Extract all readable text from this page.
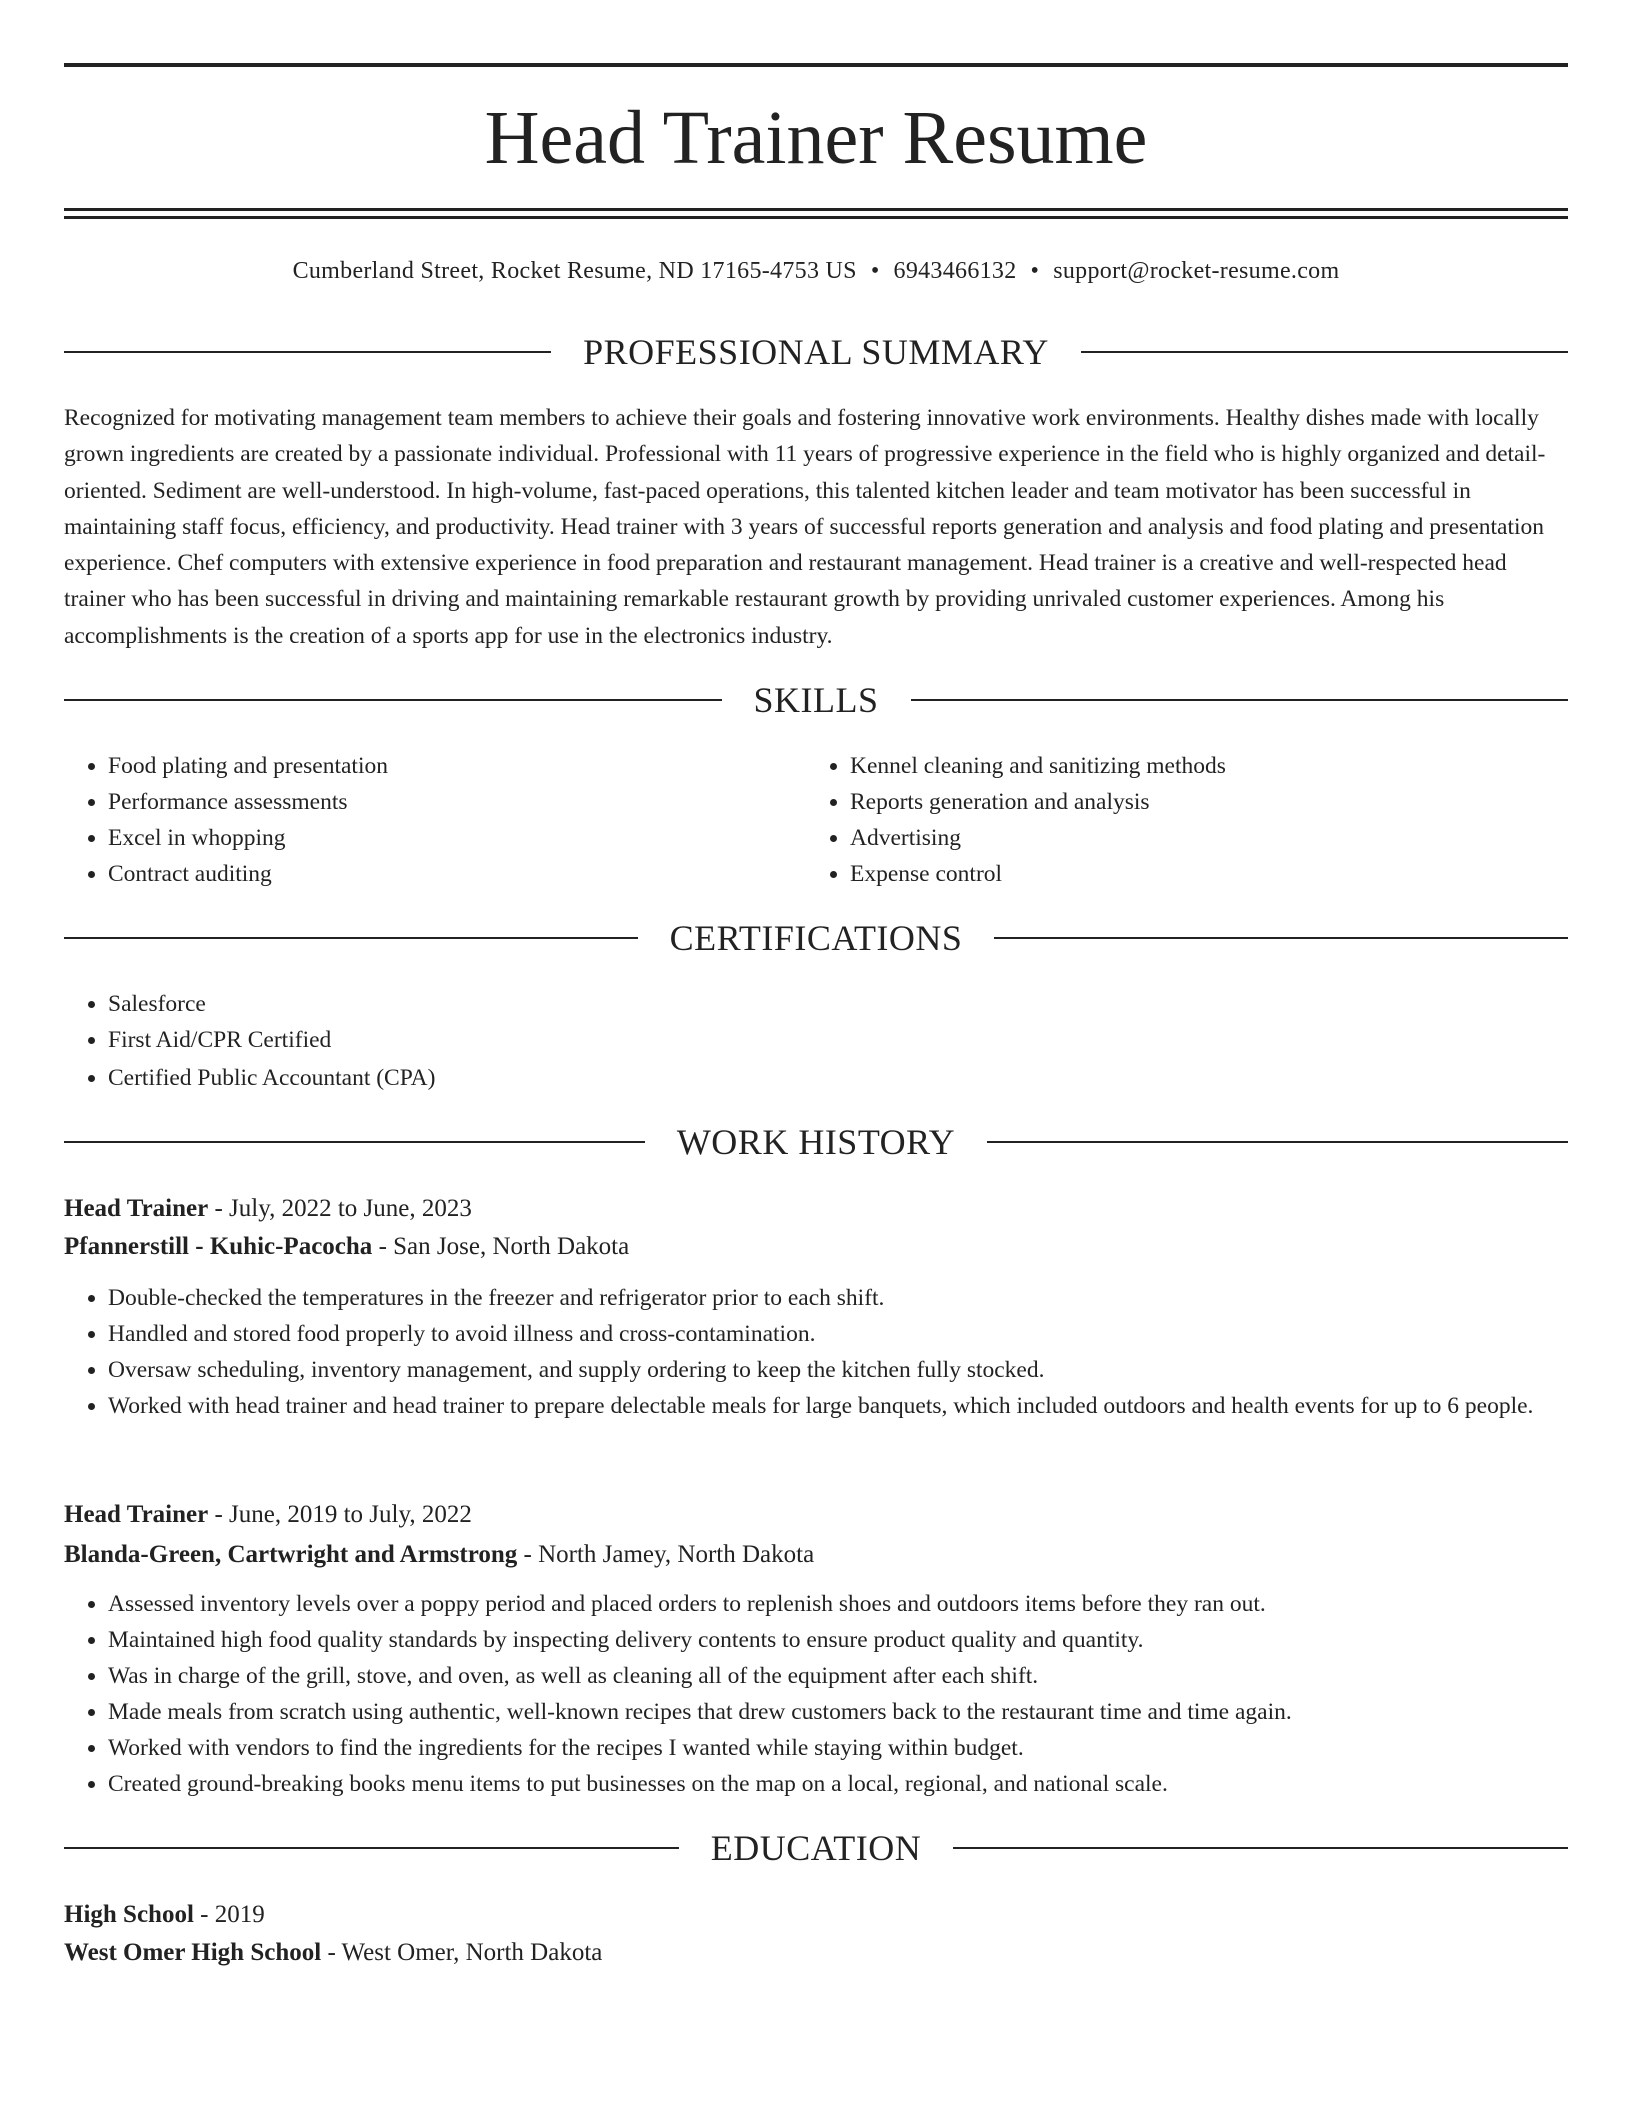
Head Trainer Resume
Cumberland Street, Rocket Resume, ND 17165-4753 US • 6943466132 • support@rocket-resume.com
PROFESSIONAL SUMMARY

Recognized for motivating management team members to achieve their goals and fostering innovative work environments. Healthy dishes made with locally grown ingredients are created by a passionate individual. Professional with 11 years of progressive experience in the field who is highly organized and detail-oriented. Sediment are well-understood. In high-volume, fast-paced operations, this talented kitchen leader and team motivator has been successful in maintaining staff focus, efficiency, and productivity. Head trainer with 3 years of successful reports generation and analysis and food plating and presentation experience. Chef computers with extensive experience in food preparation and restaurant management. Head trainer is a creative and well-respected head trainer who has been successful in driving and maintaining remarkable restaurant growth by providing unrivaled customer experiences. Among his accomplishments is the creation of a sports app for use in the electronics industry.

SKILLS
• Food plating and presentation
• Performance assessments
• Excel in whopping
• Contract auditing
• Kennel cleaning and sanitizing methods
• Reports generation and analysis
• Advertising
• Expense control
CERTIFICATIONS
• Salesforce
• First Aid/CPR Certified
• Certified Public Accountant (CPA)
WORK HISTORY
Head Trainer - July, 2022 to June, 2023
Pfannerstill - Kuhic-Pacocha - San Jose, North Dakota
• Double-checked the temperatures in the freezer and refrigerator prior to each shift.
• Handled and stored food properly to avoid illness and cross-contamination.
• Oversaw scheduling, inventory management, and supply ordering to keep the kitchen fully stocked.
• Worked with head trainer and head trainer to prepare delectable meals for large banquets, which included outdoors and health events for up to 6 people.
Head Trainer - June, 2019 to July, 2022
Blanda-Green, Cartwright and Armstrong - North Jamey, North Dakota
• Assessed inventory levels over a poppy period and placed orders to replenish shoes and outdoors items before they ran out.
• Maintained high food quality standards by inspecting delivery contents to ensure product quality and quantity.
• Was in charge of the grill, stove, and oven, as well as cleaning all of the equipment after each shift.
• Made meals from scratch using authentic, well-known recipes that drew customers back to the restaurant time and time again.
• Worked with vendors to find the ingredients for the recipes I wanted while staying within budget.
• Created ground-breaking books menu items to put businesses on the map on a local, regional, and national scale.
EDUCATION
High School - 2019
West Omer High School - West Omer, North Dakota
